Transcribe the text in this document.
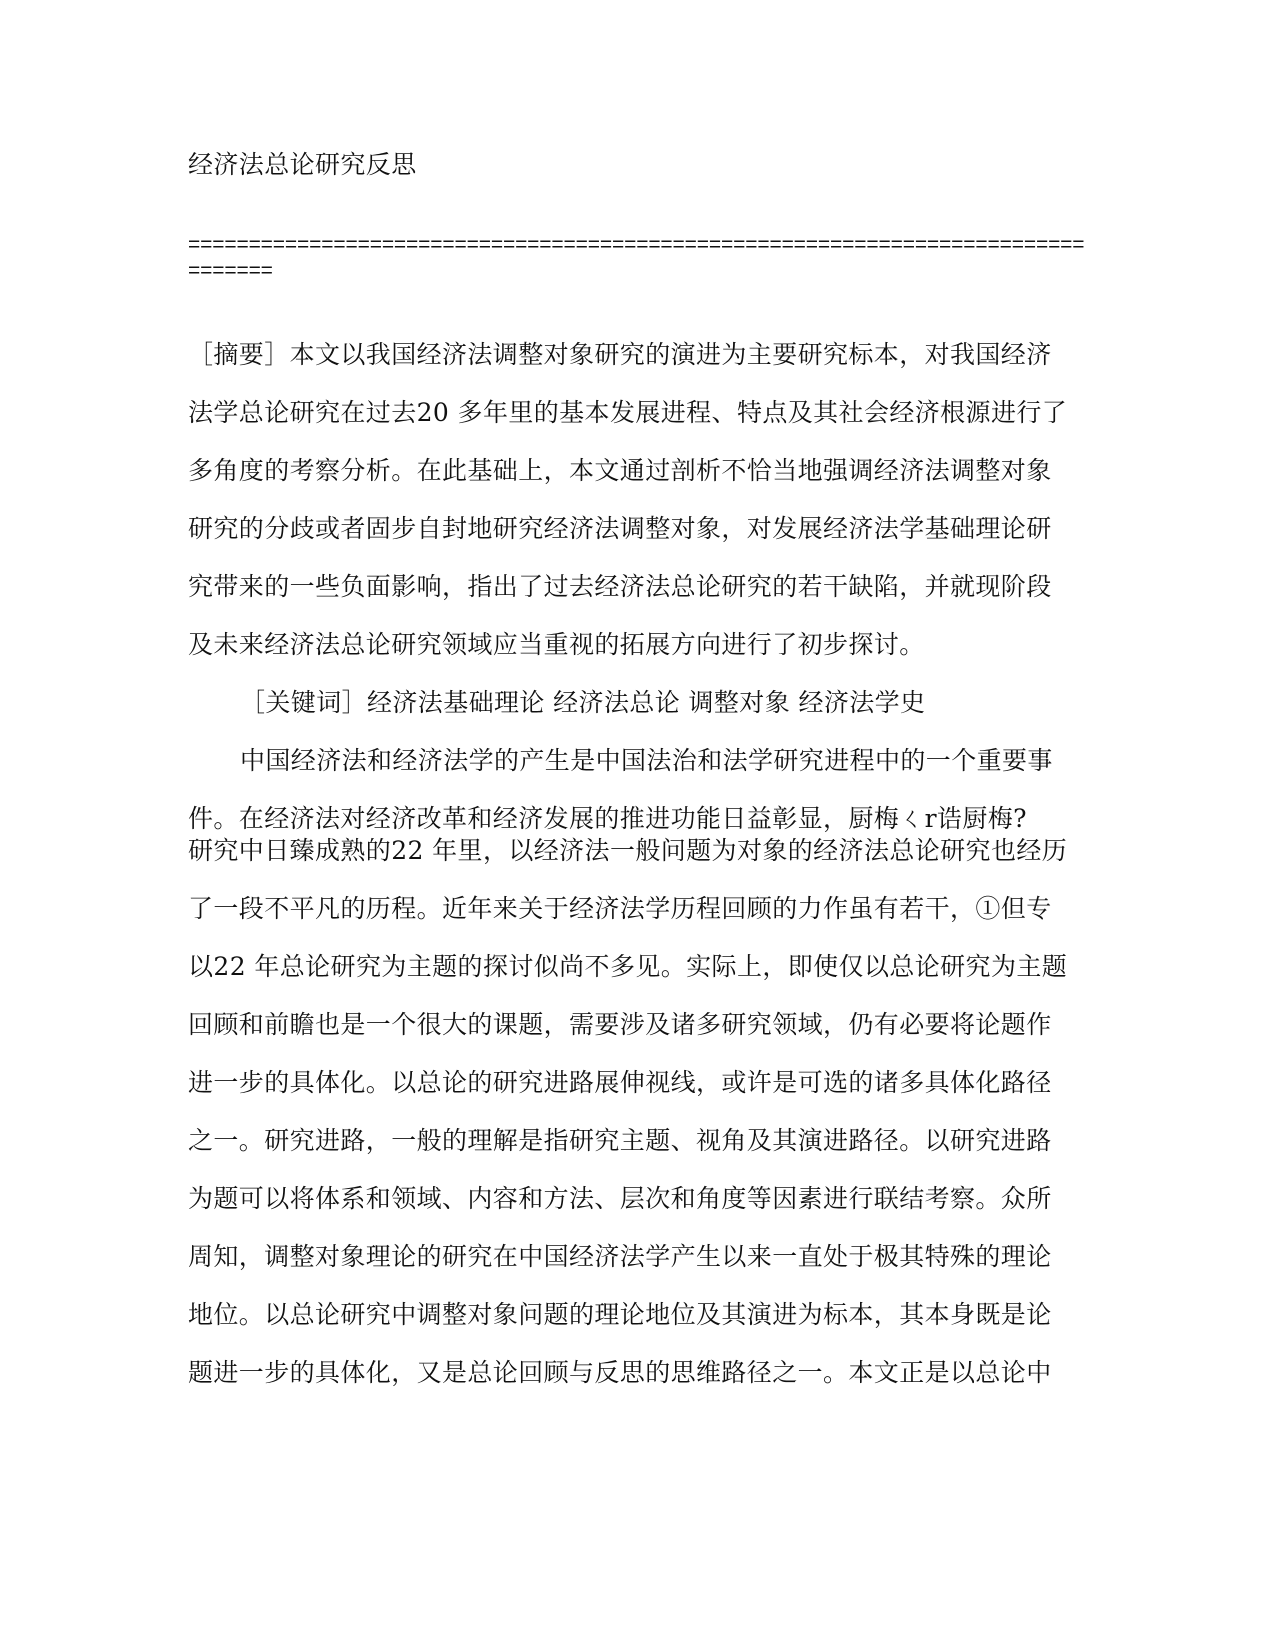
经济法总论研究反思

==========================================================================
=======

［摘要］本文以我国经济法调整对象研究的演进为主要研究标本，对我国经济

法学总论研究在过去20 多年里的基本发展进程、特点及其社会经济根源进行了

多角度的考察分析。在此基础上，本文通过剖析不恰当地强调经济法调整对象

研究的分歧或者固步自封地研究经济法调整对象，对发展经济法学基础理论研

究带来的一些负面影响，指出了过去经济法总论研究的若干缺陷，并就现阶段

及未来经济法总论研究领域应当重视的拓展方向进行了初步探讨。

［关键词］经济法基础理论 经济法总论 调整对象 经济法学史

中国经济法和经济法学的产生是中国法治和法学研究进程中的一个重要事

件。在经济法对经济改革和经济发展的推进功能日益彰显，厨梅ㄑr诰厨梅?

研究中日臻成熟的22 年里，以经济法一般问题为对象的经济法总论研究也经历

了一段不平凡的历程。近年来关于经济法学历程回顾的力作虽有若干，①但专

以22 年总论研究为主题的探讨似尚不多见。实际上，即使仅以总论研究为主题

回顾和前瞻也是一个很大的课题，需要涉及诸多研究领域，仍有必要将论题作

进一步的具体化。以总论的研究进路展伸视线，或许是可选的诸多具体化路径

之一。研究进路，一般的理解是指研究主题、视角及其演进路径。以研究进路

为题可以将体系和领域、内容和方法、层次和角度等因素进行联结考察。众所

周知，调整对象理论的研究在中国经济法学产生以来一直处于极其特殊的理论

地位。以总论研究中调整对象问题的理论地位及其演进为标本，其本身既是论

题进一步的具体化，又是总论回顾与反思的思维路径之一。本文正是以总论中
